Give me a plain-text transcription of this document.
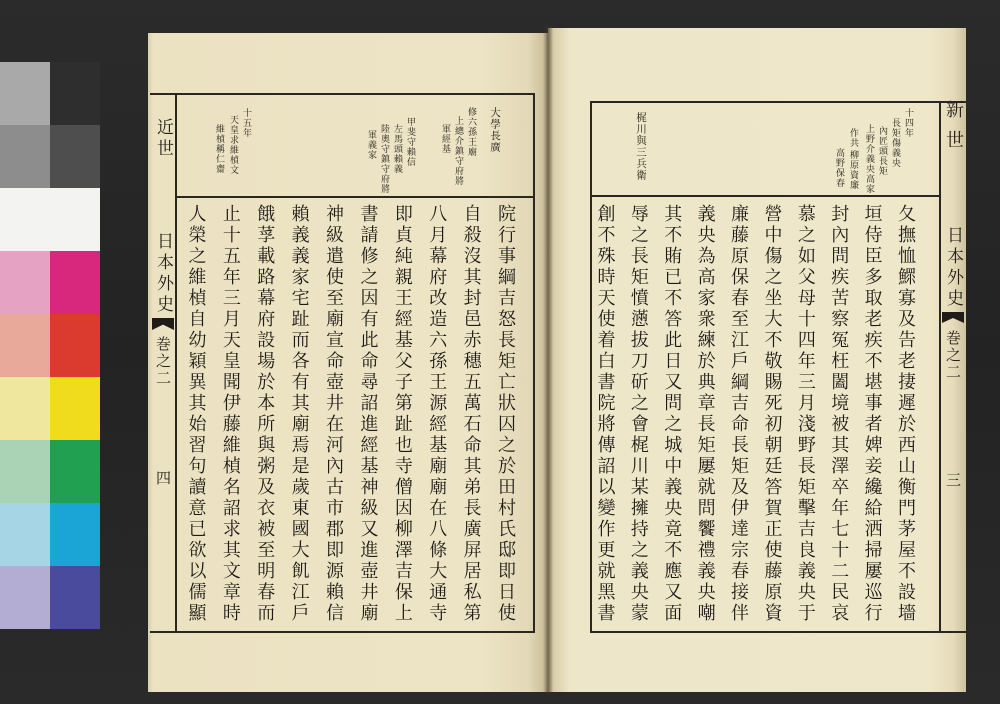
近世
日本外史
巻之二
四
新世
日本外史
巻之二
三
大學長廣
修六孫王廟
上總介鎮守府將
軍經基
甲斐守賴信
左馬頭賴義
陸奧守鎮守府將
軍義家
十五年
天皇求維楨文
維楨稱仁齋
十四年
長矩傷義央
內匠頭長矩
上野介義央高家
作共
柳原資廉
高野保春
梶川與三兵衛
院行事綱吉怒長矩亡狀囚之於田村氏邸即日使
自殺沒其封邑赤穗五萬石命其弟長廣屏居私第
八月幕府改造六孫王源經基廟廟在八條大通寺
即貞純親王經基父子第趾也寺僧因柳澤吉保上
書請修之因有此命尋詔進經基神級又進壺井廟
神級遣使至廟宣命壺井在河內古市郡即源賴信
賴義義家宅趾而各有其廟焉是歲東國大飢江戶
餓莩載路幕府設場於本所與粥及衣被至明春而
止十五年三月天皇聞伊藤維楨名詔求其文章時
人榮之維楨自幼穎異其始習句讀意已欲以儒顯	夂撫恤鰥寡及告老捿遲於西山衡門茅屋不設墻
垣侍臣多取老疾不堪事者婢妾纔給洒掃屢巡行
封內問疾苦察冤枉闔境被其澤卒年七十二民哀
慕之如父母十四年三月淺野長矩擊吉良義央于
營中傷之坐大不敬賜死初朝廷答賀正使藤原資
廉藤原保春至江戶綱吉命長矩及伊達宗春接伴
義央為高家衆練於典章長矩屢就問饗禮義央嘲
其不賄已不答此日又問之城中義央竟不應又面
辱之長矩憤懣拔刀斫之會梶川某擁持之義央蒙
創不殊時天使着白書院將傳詔以變作更就黑書
